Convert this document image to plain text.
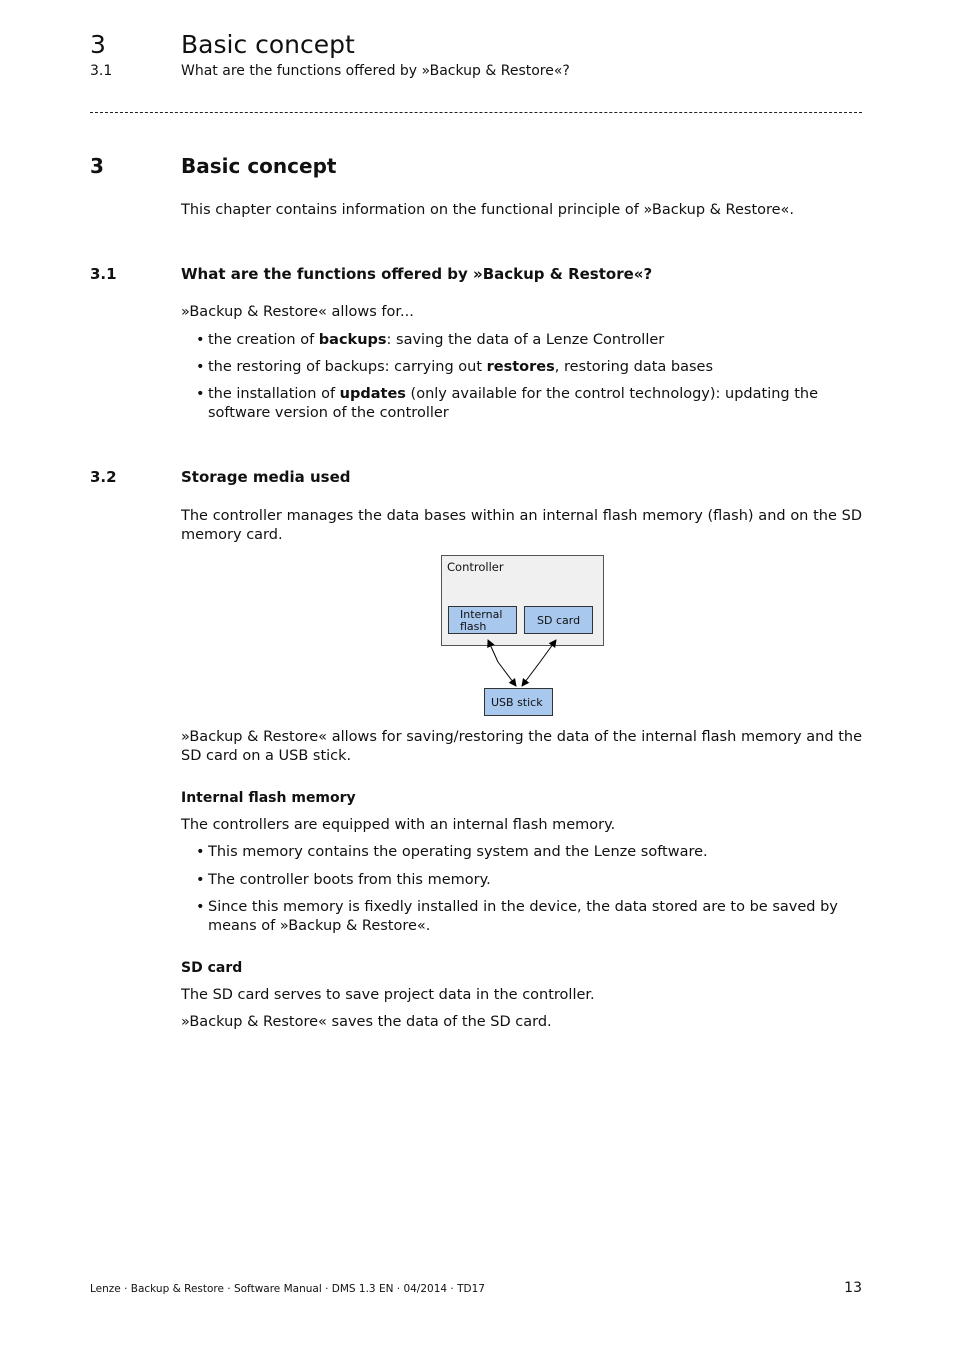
3	Basic concept
3.1	What are the functions offered by »Backup & Restore«?
3	Basic concept
This chapter contains information on the functional principle of »Backup & Restore«.
3.1	What are the functions offered by »Backup & Restore«?
»Backup & Restore« allows for...
• the creation of backups: saving the data of a Lenze Controller
• the restoring of backups: carrying out restores, restoring data bases
• the installation of updates (only available for the control technology): updating the software version of the controller
3.2	Storage media used
The controller manages the data bases within an internal flash memory (flash) and on the SD memory card.
Controller
Internal
flash	SD card
USB stick
»Backup & Restore« allows for saving/restoring the data of the internal flash memory and the SD card on a USB stick.
Internal flash memory
The controllers are equipped with an internal flash memory.
• This memory contains the operating system and the Lenze software.
• The controller boots from this memory.
• Since this memory is fixedly installed in the device, the data stored are to be saved by means of »Backup & Restore«.
SD card
The SD card serves to save project data in the controller.
»Backup & Restore« saves the data of the SD card.
Lenze · Backup & Restore · Software Manual · DMS 1.3 EN · 04/2014 · TD17	13
